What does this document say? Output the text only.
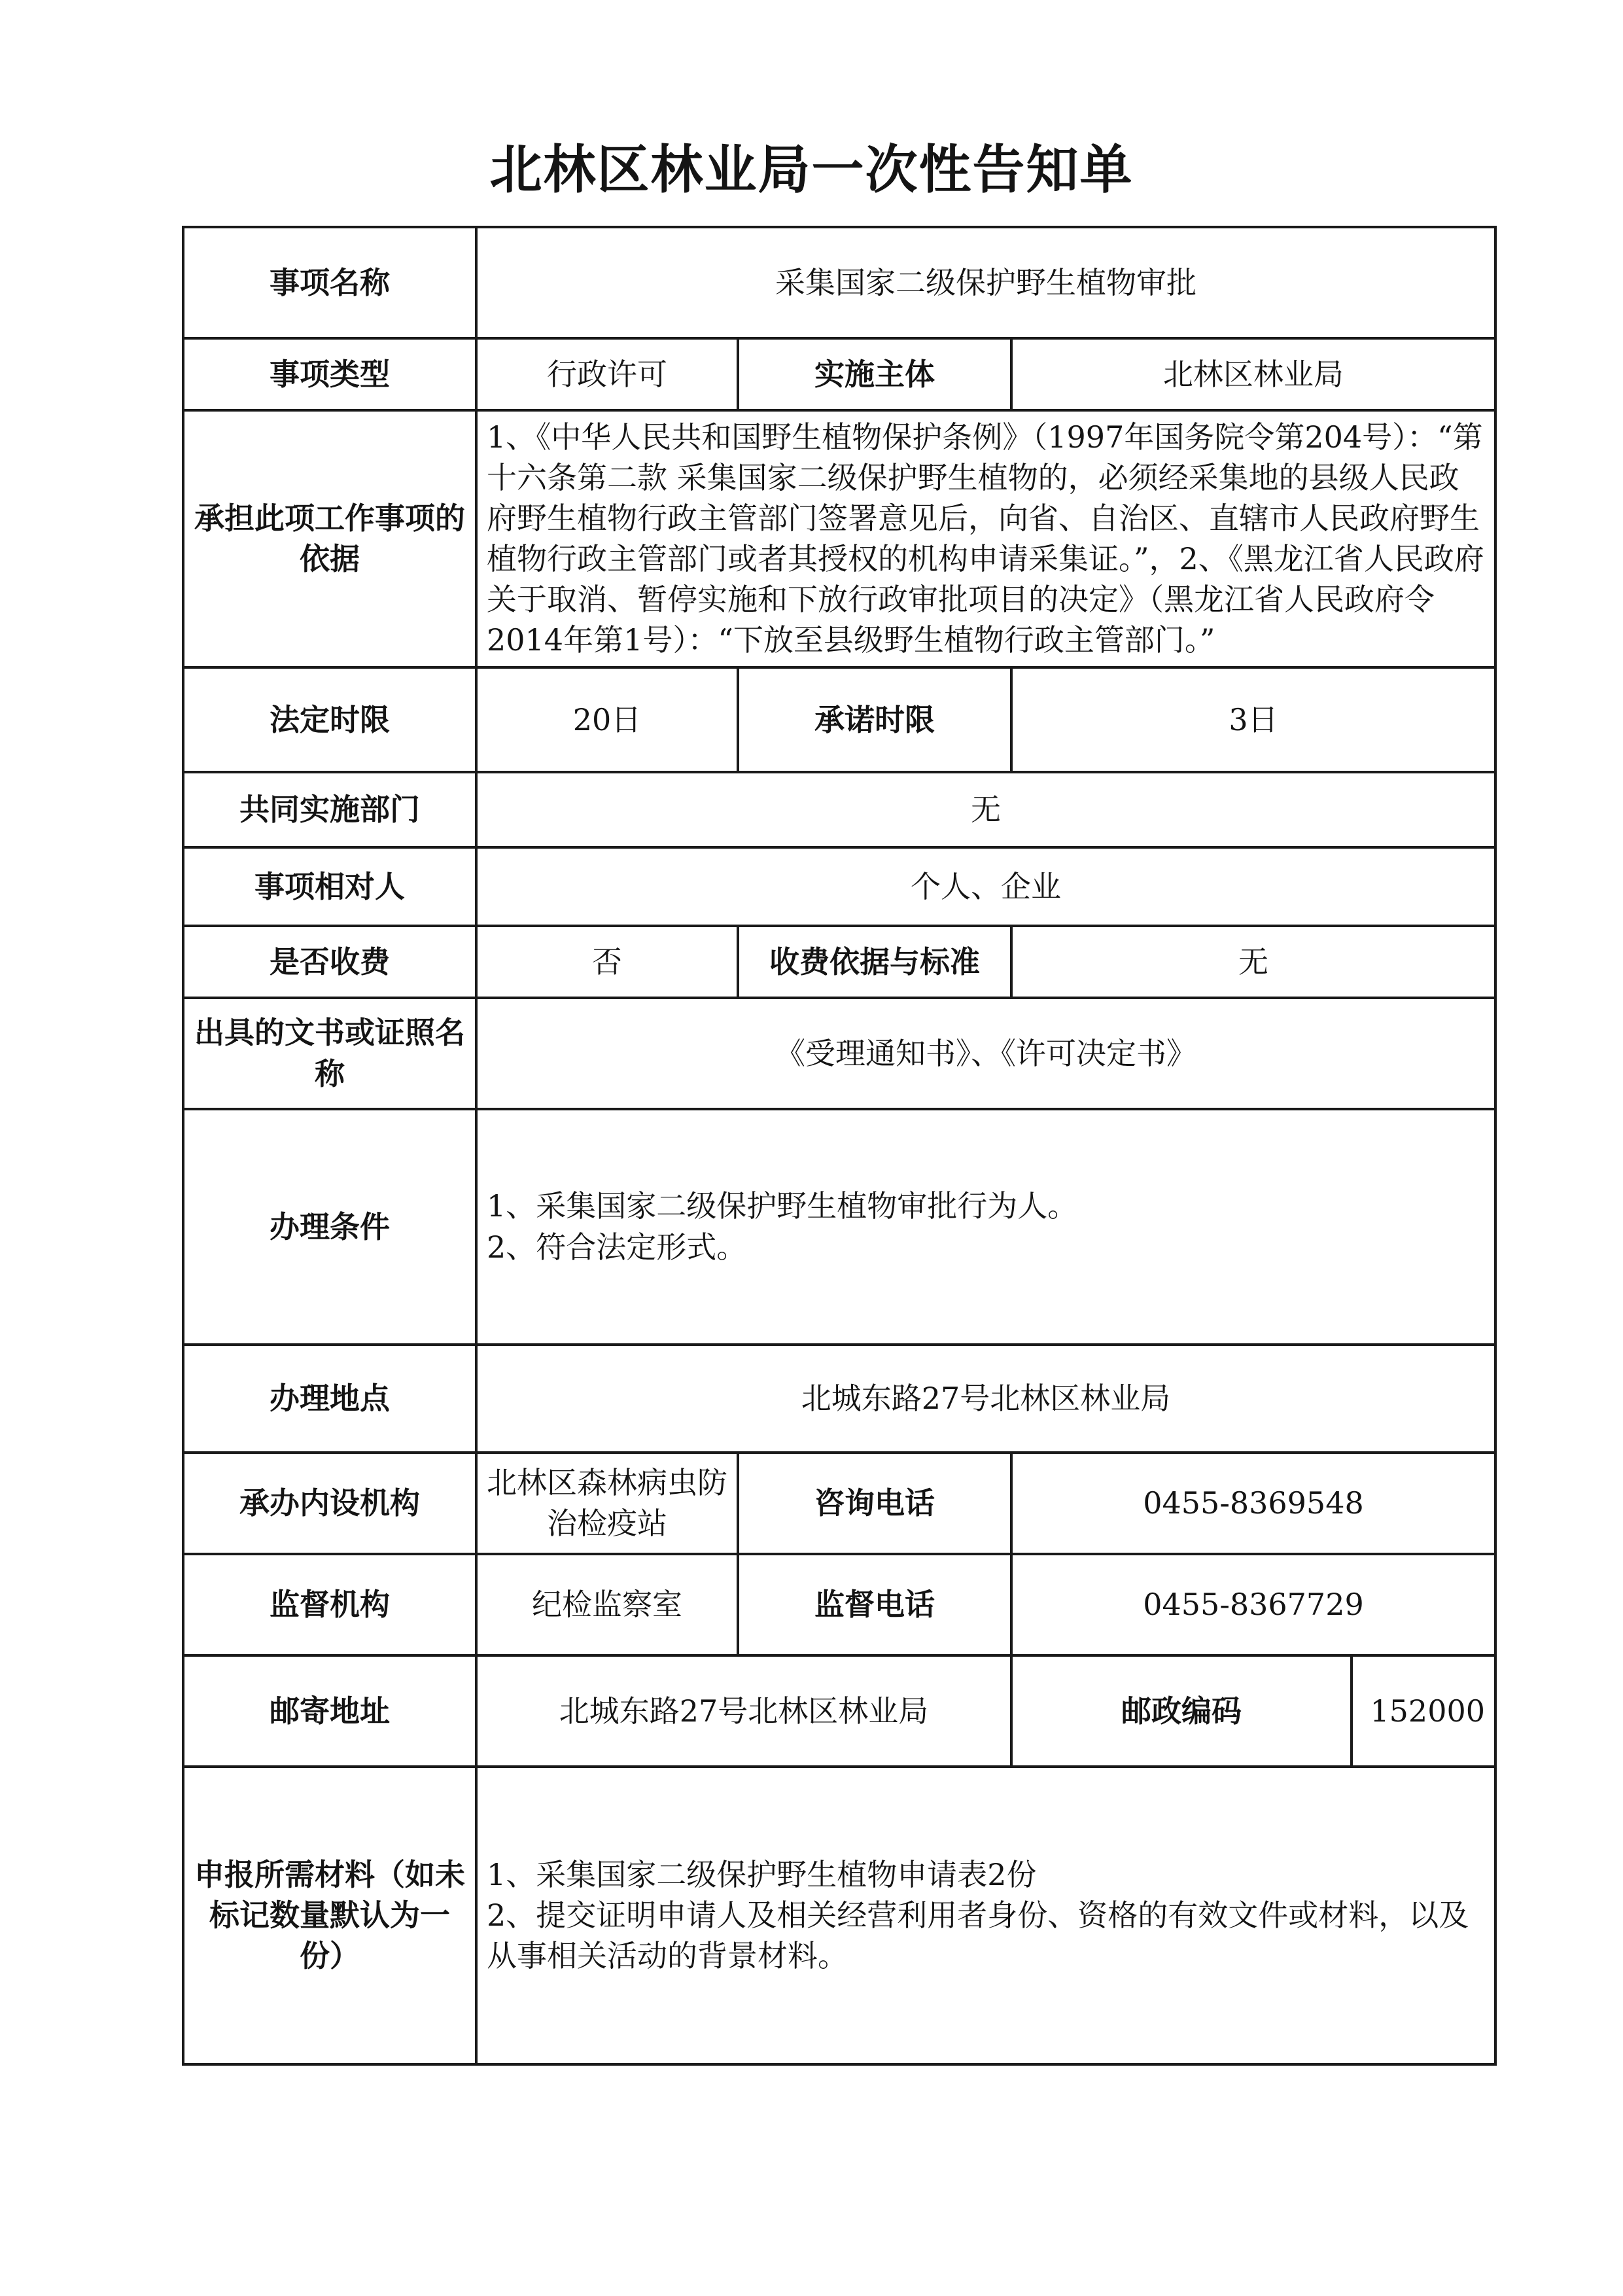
北林区林业局一次性告知单
事项名称	采集国家二级保护野生植物审批			
事项类型	行政许可	实施主体	北林区林业局	
承担此项工作事项的依据	1、《中华人民共和国野生植物保护条例》（1997年国务院令第204号）：“第十六条第二款 采集国家二级保护野生植物的，必须经采集地的县级人民政府野生植物行政主管部门签署意见后，向省、自治区、直辖市人民政府野生植物行政主管部门或者其授权的机构申请采集证。”，2、《黑龙江省人民政府关于取消、暂停实施和下放行政审批项目的决定》（黑龙江省人民政府令2014年第1号）：“下放至县级野生植物行政主管部门。”			
法定时限	20日	承诺时限	3日	
共同实施部门	无			
事项相对人	个人、企业			
是否收费	否	收费依据与标准	无	
出具的文书或证照名称	《受理通知书》、《许可决定书》			
办理条件	1、采集国家二级保护野生植物审批行为人。
2、符合法定形式。			

办理地点	北城东路27号北林区林业局			
承办内设机构	北林区森林病虫防治检疫站	咨询电话	0455-8369548	
监督机构	纪检监察室	监督电话	0455-8367729	
邮寄地址	北城东路27号北林区林业局		邮政编码	152000
申报所需材料（如未标记数量默认为一份）	1、采集国家二级保护野生植物申请表2份
2、提交证明申请人及相关经营利用者身份、资格的有效文件或材料，以及从事相关活动的背景材料。			
